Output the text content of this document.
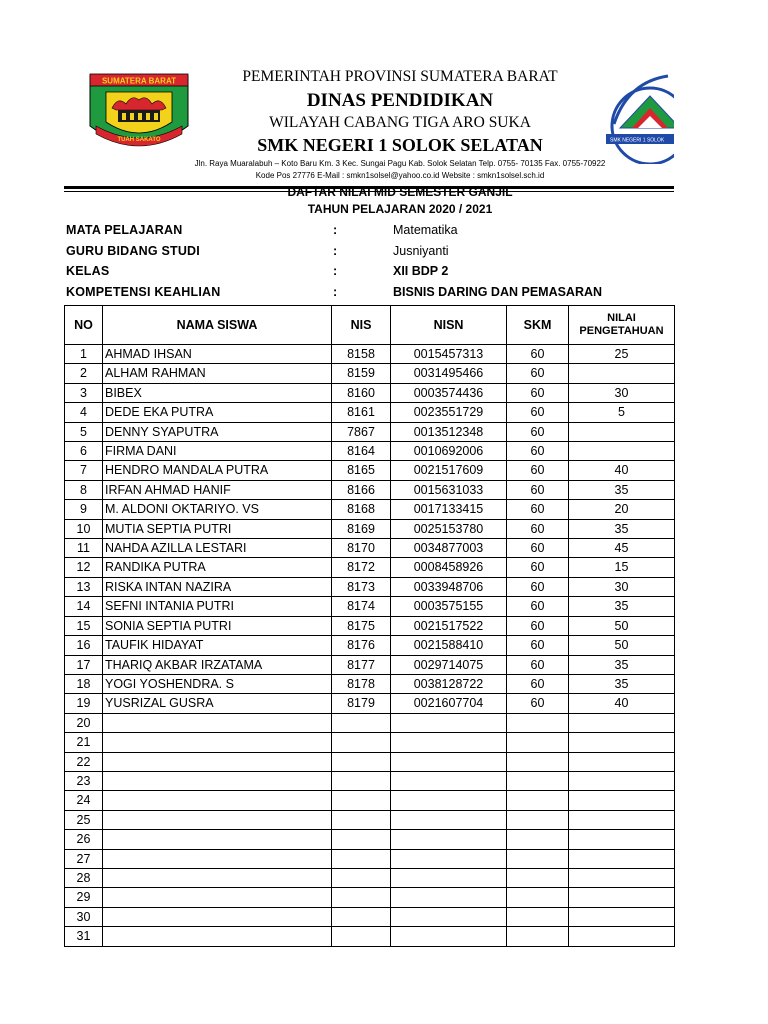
SUMATERA BARAT
TUAH SAKATO	SMK NEGERI 1 SOLOK
PEMERINTAH PROVINSI SUMATERA BARAT
DINAS PENDIDIKAN
WILAYAH CABANG TIGA ARO SUKA
SMK NEGERI 1 SOLOK SELATAN
Jln. Raya Muaralabuh – Koto Baru Km. 3 Kec. Sungai Pagu Kab. Solok Selatan Telp. 0755- 70135 Fax. 0755-70922
Kode Pos 27776 E-Mail : smkn1solsel@yahoo.co.id Website : smkn1solsel.sch.id
DAFTAR NILAI MID SEMESTER GANJIL
TAHUN PELAJARAN 2020 / 2021
MATA PELAJARAN	:	Matematika
GURU BIDANG STUDI	:	Jusniyanti
KELAS	:	XII BDP 2
KOMPETENSI KEAHLIAN	:	BISNIS DARING DAN PEMASARAN
NO	NAMA SISWA	NIS	NISN	SKM	NILAI
PENGETAHUAN

1	AHMAD IHSAN	8158	0015457313	60	25
2	ALHAM RAHMAN	8159	0031495466	60	
3	BIBEX	8160	0003574436	60	30
4	DEDE EKA PUTRA	8161	0023551729	60	5
5	DENNY SYAPUTRA	7867	0013512348	60	
6	FIRMA DANI	8164	0010692006	60	
7	HENDRO MANDALA PUTRA	8165	0021517609	60	40
8	IRFAN AHMAD HANIF	8166	0015631033	60	35
9	M. ALDONI OKTARIYO. VS	8168	0017133415	60	20
10	MUTIA SEPTIA PUTRI	8169	0025153780	60	35
11	NAHDA AZILLA LESTARI	8170	0034877003	60	45
12	RANDIKA PUTRA	8172	0008458926	60	15
13	RISKA INTAN NAZIRA	8173	0033948706	60	30
14	SEFNI INTANIA PUTRI	8174	0003575155	60	35
15	SONIA SEPTIA PUTRI	8175	0021517522	60	50
16	TAUFIK HIDAYAT	8176	0021588410	60	50
17	THARIQ AKBAR IRZATAMA	8177	0029714075	60	35
18	YOGI YOSHENDRA. S	8178	0038128722	60	35
19	YUSRIZAL GUSRA	8179	0021607704	60	40
20					
21					
22					
23					
24					
25					
26					
27					
28					
29					
30					
31					
